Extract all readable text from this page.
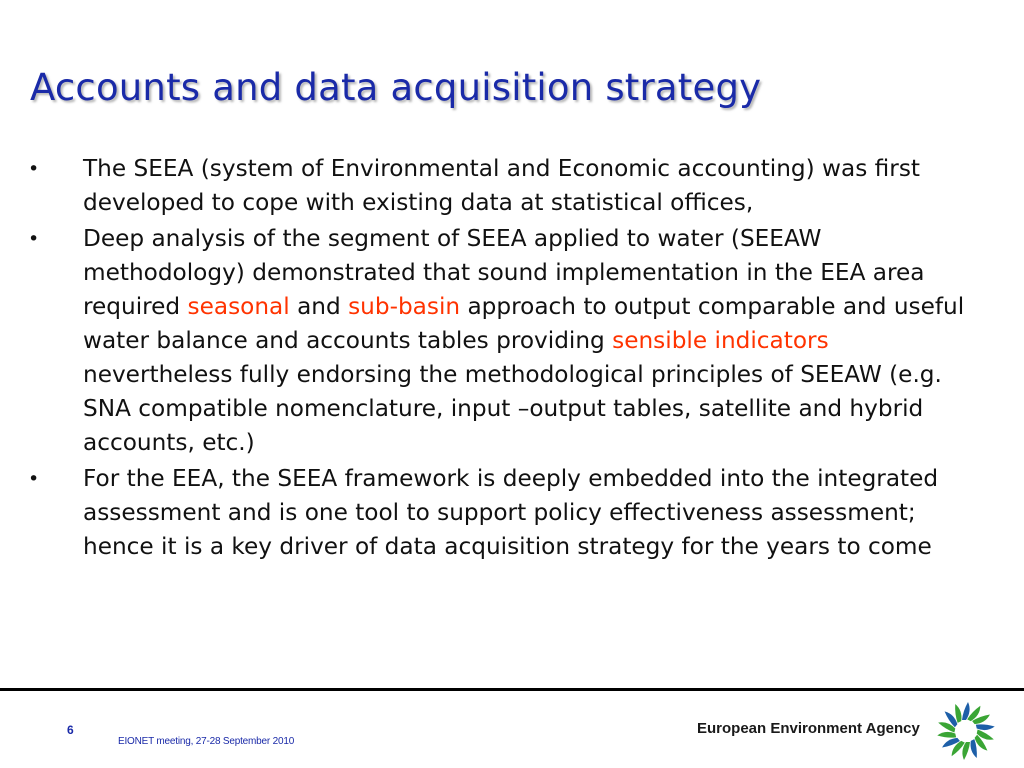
Accounts and data acquisition strategy
•	The SEEA (system of Environmental and Economic accounting) was first developed to cope with existing data at statistical offices,
•	Deep analysis of the segment of SEEA applied to water (SEEAW methodology) demonstrated that sound implementation in the EEA area required seasonal and sub-basin approach to output comparable and useful water balance and accounts tables providing sensible indicators nevertheless fully endorsing the methodological principles of SEEAW (e.g. SNA compatible nomenclature, input –output tables, satellite and hybrid accounts, etc.)
•	For the EEA, the SEEA framework is deeply embedded into the integrated assessment and is one tool to support policy effectiveness assessment; hence it is a key driver of data acquisition strategy for the years to come
6
EIONET meeting, 27-28 September 2010
European Environment Agency
